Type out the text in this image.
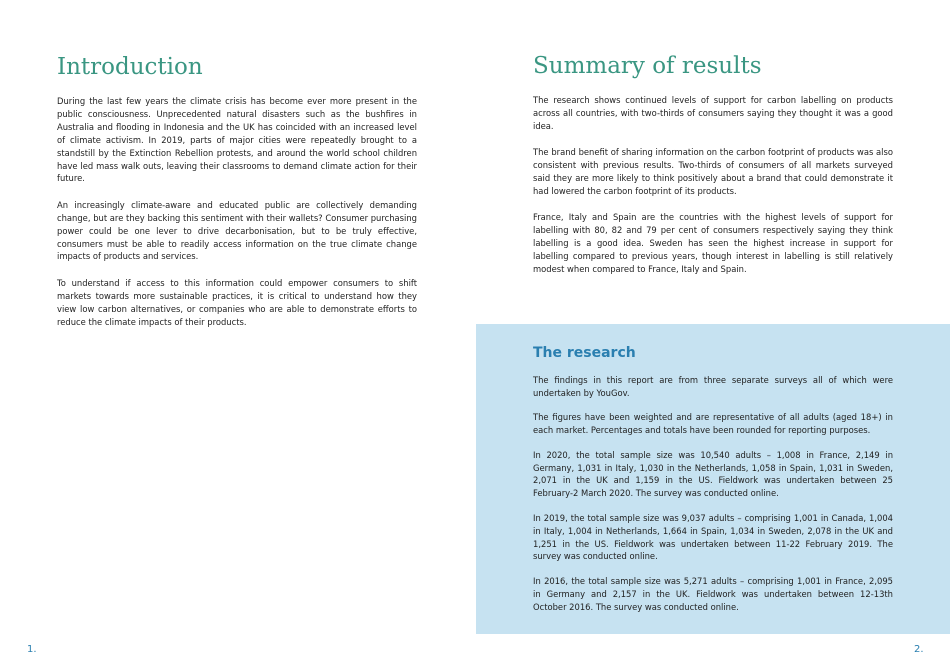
Introduction

During the last few years the climate crisis has become ever more present in the public consciousness. Unprecedented natural disasters such as the bushfires in Australia and flooding in Indonesia and the UK has coincided with an increased level of climate activism. In 2019, parts of major cities were repeatedly brought to a standstill by the Extinction Rebellion protests, and around the world school children have led mass walk outs, leaving their classrooms to demand climate action for their future.

An increasingly climate-aware and educated public are collectively demanding change, but are they backing this sentiment with their wallets? Consumer purchasing power could be one lever to drive decarbonisation, but to be truly effective, consumers must be able to readily access information on the true climate change impacts of products and services.

To understand if access to this information could empower consumers to shift markets towards more sustainable practices, it is critical to understand how they view low carbon alternatives, or companies who are able to demonstrate efforts to reduce the climate impacts of their products.

Summary of results

The research shows continued levels of support for carbon labelling on products across all countries, with two-thirds of consumers saying they thought it was a good idea.

The brand benefit of sharing information on the carbon footprint of products was also consistent with previous results. Two-thirds of consumers of all markets surveyed said they are more likely to think positively about a brand that could demonstrate it had lowered the carbon footprint of its products.

France, Italy and Spain are the countries with the highest levels of support for labelling with 80, 82 and 79 per cent of consumers respectively saying they think labelling is a good idea. Sweden has seen the highest increase in support for labelling compared to previous years, though interest in labelling is still relatively modest when compared to France, Italy and Spain.

The research

The findings in this report are from three separate surveys all of which were undertaken by YouGov.

The figures have been weighted and are representative of all adults (aged 18+) in each market. Percentages and totals have been rounded for reporting purposes.

In 2020, the total sample size was 10,540 adults – 1,008 in France, 2,149 in Germany, 1,031 in Italy, 1,030 in the Netherlands, 1,058 in Spain, 1,031 in Sweden, 2,071 in the UK and 1,159 in the US. Fieldwork was undertaken between 25 February-2 March 2020. The survey was conducted online.

In 2019, the total sample size was 9,037 adults – comprising 1,001 in Canada, 1,004 in Italy, 1,004 in Netherlands, 1,664 in Spain, 1,034 in Sweden, 2,078 in the UK and 1,251 in the US. Fieldwork was undertaken between 11-22 February 2019. The survey was conducted online.

In 2016, the total sample size was 5,271 adults – comprising 1,001 in France, 2,095 in Germany and 2,157 in the UK. Fieldwork was undertaken between 12-13th October 2016. The survey was conducted online.

1.	2.
